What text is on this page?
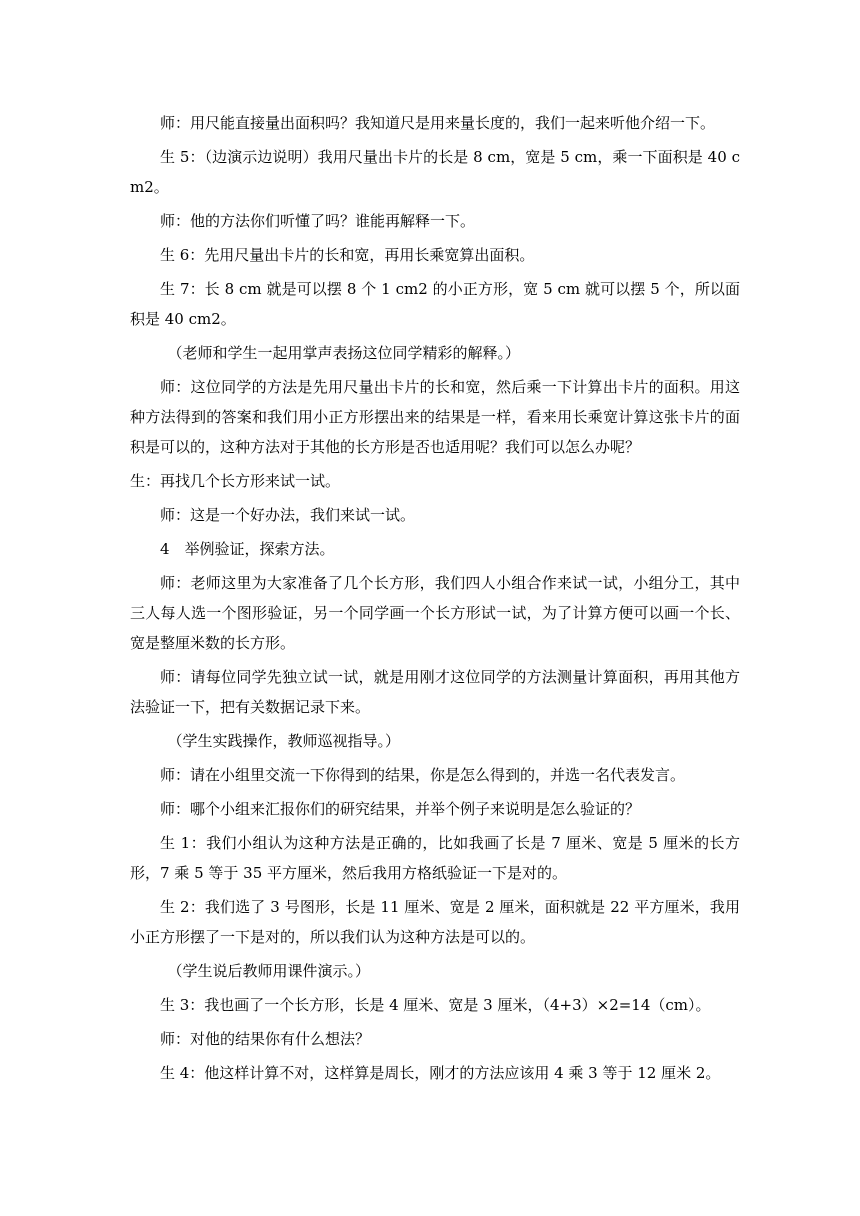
师：用尺能直接量出面积吗？我知道尺是用来量长度的，我们一起来听他介绍一下。

生 5：（边演示边说明）我用尺量出卡片的长是 8 cm，宽是 5 cm，乘一下面积是 40 cm2。

师：他的方法你们听懂了吗？谁能再解释一下。

生 6：先用尺量出卡片的长和宽，再用长乘宽算出面积。

生 7：长 8 cm 就是可以摆 8 个 1 cm2 的小正方形，宽 5 cm 就可以摆 5 个，所以面积是 40 cm2。

（老师和学生一起用掌声表扬这位同学精彩的解释。）

师：这位同学的方法是先用尺量出卡片的长和宽，然后乘一下计算出卡片的面积。用这种方法得到的答案和我们用小正方形摆出来的结果是一样，看来用长乘宽计算这张卡片的面积是可以的，这种方法对于其他的长方形是否也适用呢？我们可以怎么办呢？

生：再找几个长方形来试一试。

师：这是一个好办法，我们来试一试。

4　举例验证，探索方法。

师：老师这里为大家准备了几个长方形，我们四人小组合作来试一试，小组分工，其中三人每人选一个图形验证，另一个同学画一个长方形试一试，为了计算方便可以画一个长、宽是整厘米数的长方形。

师：请每位同学先独立试一试，就是用刚才这位同学的方法测量计算面积，再用其他方法验证一下，把有关数据记录下来。

（学生实践操作，教师巡视指导。）

师：请在小组里交流一下你得到的结果，你是怎么得到的，并选一名代表发言。

师：哪个小组来汇报你们的研究结果，并举个例子来说明是怎么验证的？

生 1：我们小组认为这种方法是正确的，比如我画了长是 7 厘米、宽是 5 厘米的长方形，7 乘 5 等于 35 平方厘米，然后我用方格纸验证一下是对的。

生 2：我们选了 3 号图形，长是 11 厘米、宽是 2 厘米，面积就是 22 平方厘米，我用小正方形摆了一下是对的，所以我们认为这种方法是可以的。

（学生说后教师用课件演示。）

生 3：我也画了一个长方形，长是 4 厘米、宽是 3 厘米，（4+3）×2=14（cm）。

师：对他的结果你有什么想法？

生 4：他这样计算不对，这样算是周长，刚才的方法应该用 4 乘 3 等于 12 厘米 2。
